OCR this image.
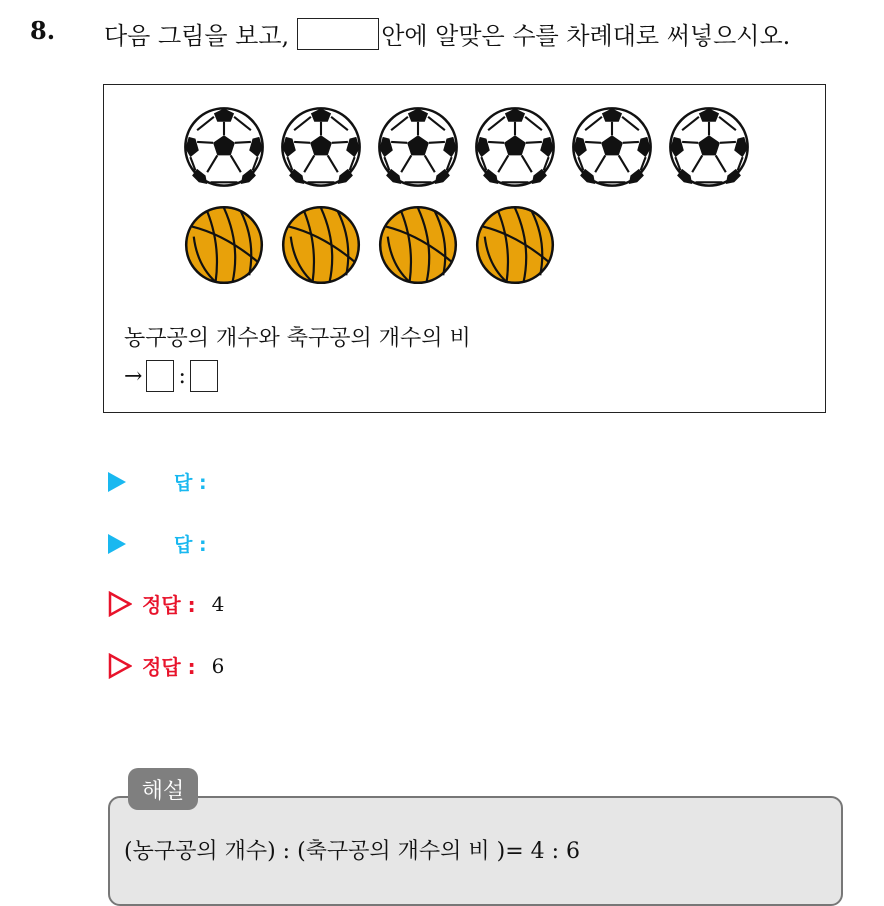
8. 다음 그림을 보고,	안에 알맞은 수를 차례대로 써넣으시오.
농구공의 개수와 축구공의 개수의 비
→ :
답 :
답 :
정답 : 4
정답 : 6
해설
(농구공의 개수) : (축구공의 개수의 비 )= 4 : 6
